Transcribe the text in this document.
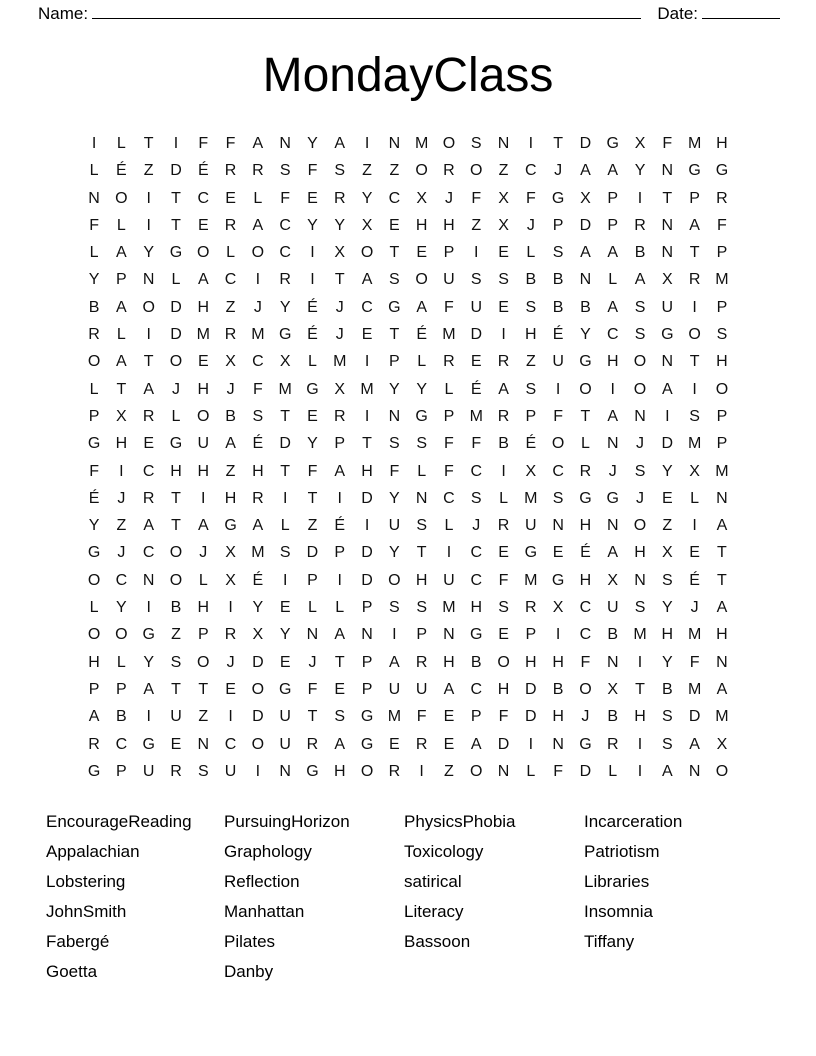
Name:	Date:
MondayClass
I	L	T	I	F	F	A	N	Y	A	I	N	M	O	S	N	I	T	D	G	X	F	M	H
L	É	Z	D	É	R	R	S	F	S	Z	Z	O	R	O	Z	C	J	A	A	Y	N	G	G
N	O	I	T	C	E	L	F	E	R	Y	C	X	J	F	X	F	G	X	P	I	T	P	R
F	L	I	T	E	R	A	C	Y	Y	X	E	H	H	Z	X	J	P	D	P	R	N	A	F
L	A	Y	G	O	L	O	C	I	X	O	T	E	P	I	E	L	S	A	A	B	N	T	P
Y	P	N	L	A	C	I	R	I	T	A	S	O	U	S	S	B	B	N	L	A	X	R	M
B	A	O	D	H	Z	J	Y	É	J	C	G	A	F	U	E	S	B	B	A	S	U	I	P
R	L	I	D	M	R	M	G	É	J	E	T	É	M	D	I	H	É	Y	C	S	G	O	S
O	A	T	O	E	X	C	X	L	M	I	P	L	R	E	R	Z	U	G	H	O	N	T	H
L	T	A	J	H	J	F	M	G	X	M	Y	Y	L	É	A	S	I	O	I	O	A	I	O
P	X	R	L	O	B	S	T	E	R	I	N	G	P	M	R	P	F	T	A	N	I	S	P
G	H	E	G	U	A	É	D	Y	P	T	S	S	F	F	B	É	O	L	N	J	D	M	P
F	I	C	H	H	Z	H	T	F	A	H	F	L	F	C	I	X	C	R	J	S	Y	X	M
É	J	R	T	I	H	R	I	T	I	D	Y	N	C	S	L	M	S	G	G	J	E	L	N
Y	Z	A	T	A	G	A	L	Z	É	I	U	S	L	J	R	U	N	H	N	O	Z	I	A
G	J	C	O	J	X	M	S	D	P	D	Y	T	I	C	E	G	E	É	A	H	X	E	T
O	C	N	O	L	X	É	I	P	I	D	O	H	U	C	F	M	G	H	X	N	S	É	T
L	Y	I	B	H	I	Y	E	L	L	P	S	S	M	H	S	R	X	C	U	S	Y	J	A
O	O	G	Z	P	R	X	Y	N	A	N	I	P	N	G	E	P	I	C	B	M	H	M	H
H	L	Y	S	O	J	D	E	J	T	P	A	R	H	B	O	H	H	F	N	I	Y	F	N
P	P	A	T	T	E	O	G	F	E	P	U	U	A	C	H	D	B	O	X	T	B	M	A
A	B	I	U	Z	I	D	U	T	S	G	M	F	E	P	F	D	H	J	B	H	S	D	M
R	C	G	E	N	C	O	U	R	A	G	E	R	E	A	D	I	N	G	R	I	S	A	X
G	P	U	R	S	U	I	N	G	H	O	R	I	Z	O	N	L	F	D	L	I	A	N	O
EncourageReading	PursuingHorizon	PhysicsPhobia	Incarceration
Appalachian	Graphology	Toxicology	Patriotism
Lobstering	Reflection	satirical	Libraries
JohnSmith	Manhattan	Literacy	Insomnia
Fabergé	Pilates	Bassoon	Tiffany
Goetta	Danby
